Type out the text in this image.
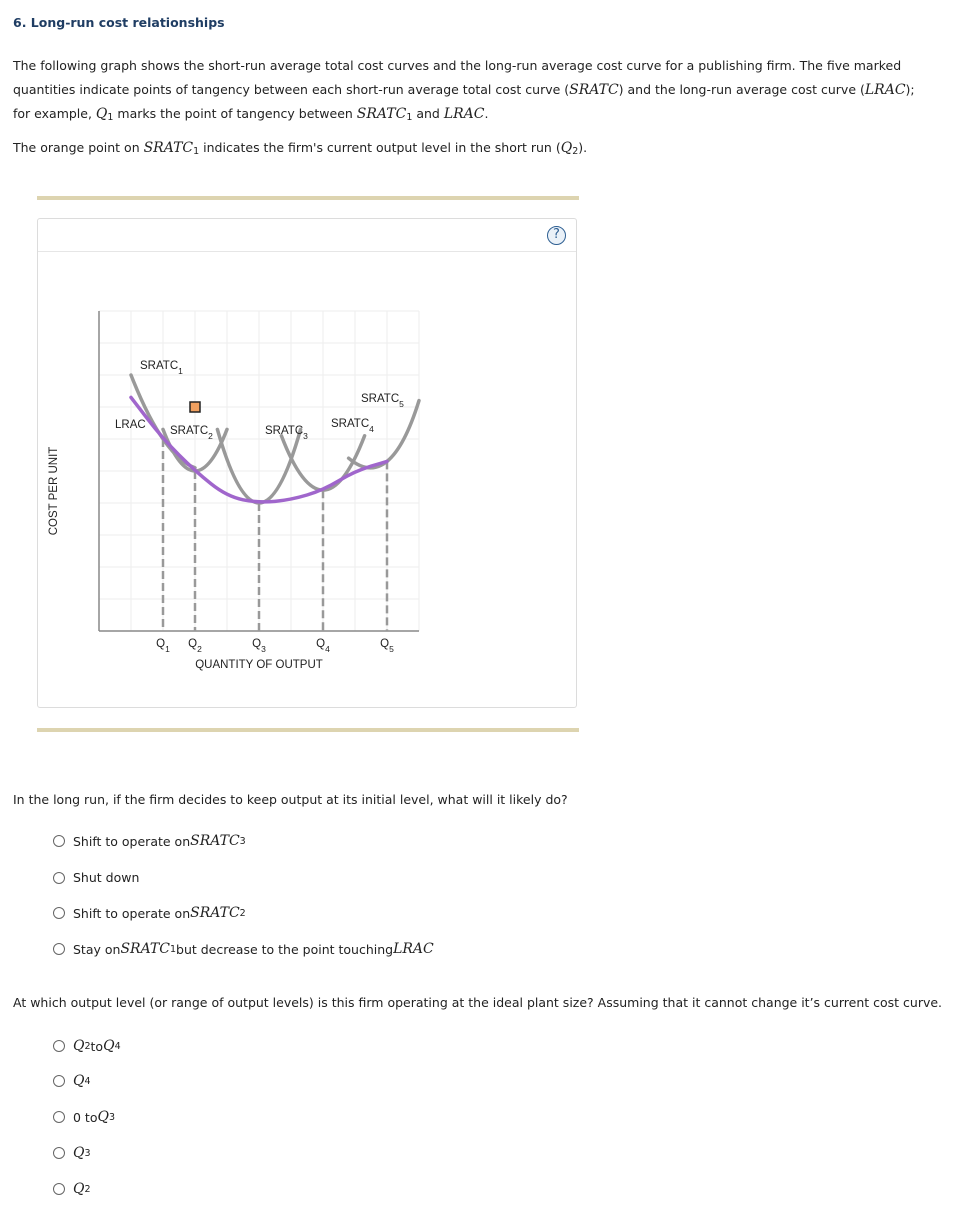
6. Long-run cost relationships
The following graph shows the short-run average total cost curves and the long-run average cost curve for a publishing firm. The five marked quantities indicate points of tangency between each short-run average total cost curve (SRATC) and the long-run average cost curve (LRAC); for example, $Q_1$ marks the point of tangency between $SRATC_1$ and LRAC.
The orange point on $SRATC_1$ indicates the firm's current output level in the short run $(Q_2)$.
?
COST PER UNIT
QUANTITY OF OUTPUT
$Q_1$ $Q_2$	$Q_3$	$Q_4$	$Q_5$
$SRATC_1$
$SRATC_2$	$SRATC_3$
$SRATC_4$
$SRATC_5$
LRAC
In the long run, if the firm decides to keep output at its initial level, what will it likely do?
Shift to operate on SRATC 3
Shut down
Shift to operate on SRATC 2
Stay on SRATC 1 but decrease to the point touching LRAC
At which output level (or range of output levels) is this firm operating at the ideal plant size? Assuming that it cannot change it’s current cost curve.
Q 2 to Q 4
Q 4
0 to Q 3
Q 3
Q 2
